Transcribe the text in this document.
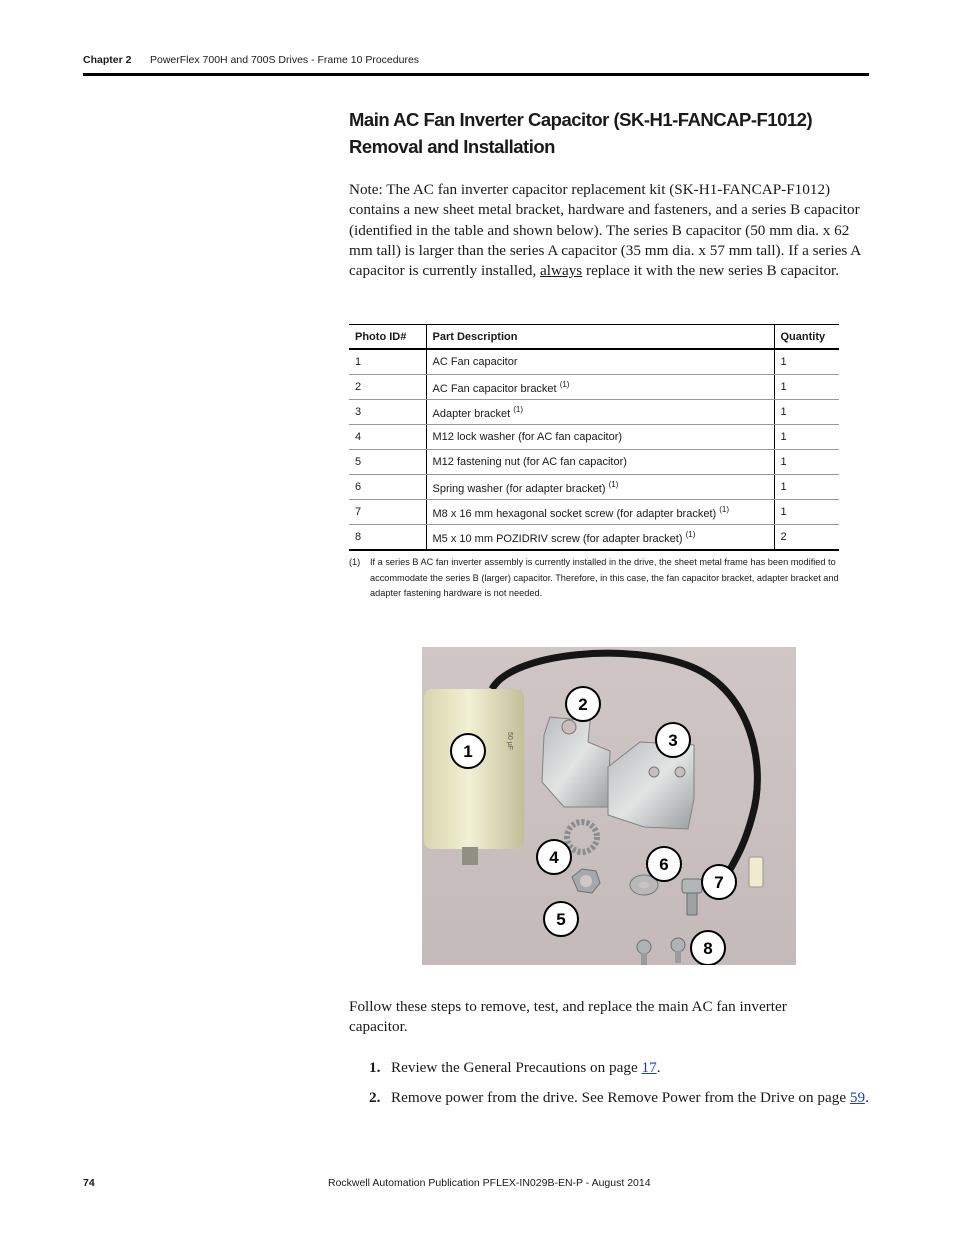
Chapter 2 PowerFlex 700H and 700S Drives - Frame 10 Procedures
Main AC Fan Inverter Capacitor (SK-H1-FANCAP-F1012) Removal and Installation
Note: The AC fan inverter capacitor replacement kit (SK-H1-FANCAP-F1012) contains a new sheet metal bracket, hardware and fasteners, and a series B capacitor (identified in the table and shown below). The series B capacitor (50 mm dia. x 62 mm tall) is larger than the series A capacitor (35 mm dia. x 57 mm tall). If a series A capacitor is currently installed, always replace it with the new series B capacitor.
Photo ID#	Part Description	Quantity
1	AC Fan capacitor	1
2	AC Fan capacitor bracket $^{(1)}$	1
3	Adapter bracket $^{(1)}$	1
4	M12 lock washer (for AC fan capacitor)	1
5	M12 fastening nut (for AC fan capacitor)	1
6	Spring washer (for adapter bracket) $^{(1)}$	1
7	M8 x 16 mm hexagonal socket screw (for adapter bracket) $^{(1)}$	1
8	M5 x 10 mm POZIDRIV screw (for adapter bracket) $^{(1)}$	2
(1) If a series B AC fan inverter assembly is currently installed in the drive, the sheet metal frame has been modified to accommodate the series B (larger) capacitor. Therefore, in this case, the fan capacitor bracket, adapter bracket and adapter fastening hardware is not needed.
50 µF
1
2
3
4
5
6
7
8
Follow these steps to remove, test, and replace the main AC fan inverter capacitor.
1. Review the General Precautions on page 17.
2. Remove power from the drive. See Remove Power from the Drive on page 59.
74	Rockwell Automation Publication PFLEX-IN029B-EN-P - August 2014
